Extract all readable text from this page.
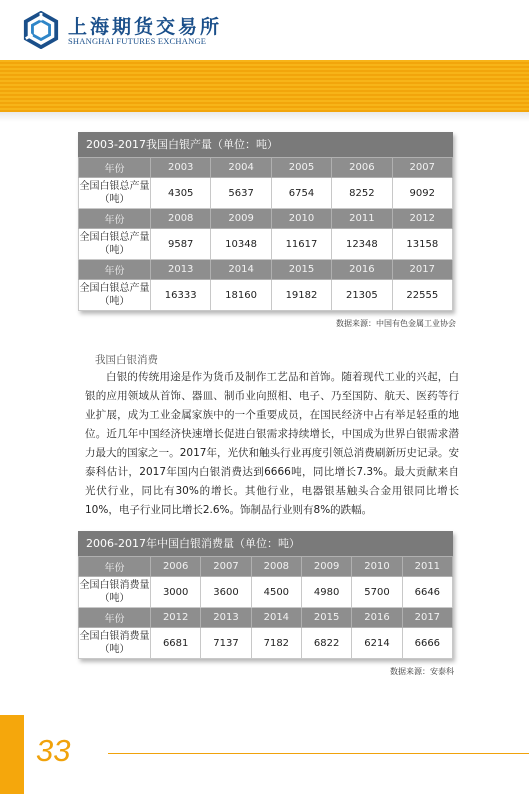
上海期货交易所
SHANGHAI FUTURES EXCHANGE
2003-2017我国白银产量（单位：吨）
年份	2003	2004	2005	2006	2007
全国白银总产量（吨）	4305	5637	6754	8252	9092
年份	2008	2009	2010	2011	2012
全国白银总产量（吨）	9587	10348	11617	12348	13158
年份	2013	2014	2015	2016	2017
全国白银总产量（吨）	16333	18160	19182	21305	22555
数据来源：中国有色金属工业协会
我国白银消费

白银的传统用途是作为货币及制作工艺品和首饰。随着现代工业的兴起，白银的应用领域从首饰、器皿、制币业向照相、电子、乃至国防、航天、医药等行业扩展，成为工业金属家族中的一个重要成员，在国民经济中占有举足轻重的地位。近几年中国经济快速增长促进白银需求持续增长，中国成为世界白银需求潜力最大的国家之一。2017年，光伏和触头行业再度引领总消费刷新历史记录。安泰科估计，2017年国内白银消费达到6666吨，同比增长7.3%。最大贡献来自光伏行业，同比有30%的增长。其他行业，电器银基触头合金用银同比增长10%，电子行业同比增长2.6%。饰制品行业则有8%的跌幅。

2006-2017年中国白银消费量（单位：吨）
年份	2006	2007	2008	2009	2010	2011
全国白银消费量（吨）	3000	3600	4500	4980	5700	6646
年份	2012	2013	2014	2015	2016	2017
全国白银消费量（吨）	6681	7137	7182	6822	6214	6666
数据来源：安泰科
33
